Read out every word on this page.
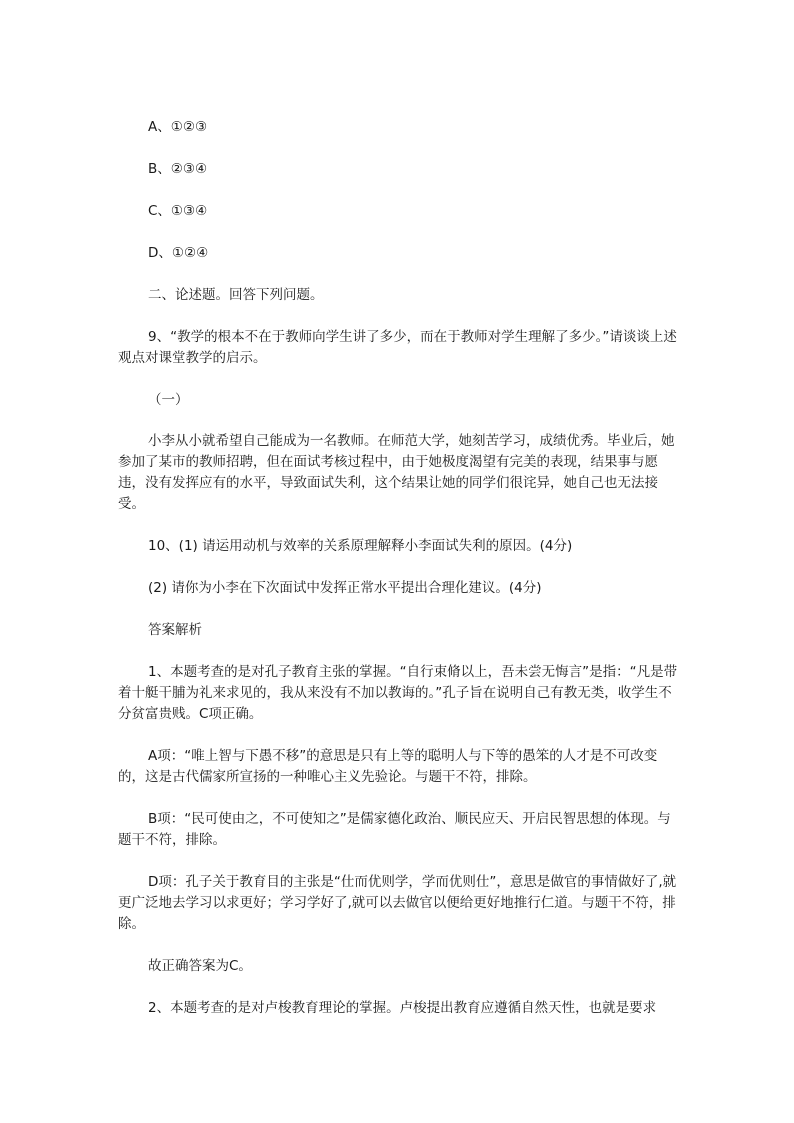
A、①②③

B、②③④

C、①③④

D、①②④

二、论述题。回答下列问题。

9、“教学的根本不在于教师向学生讲了多少，而在于教师对学生理解了多少。”请谈谈上述观点对课堂教学的启示。

（一）

小李从小就希望自己能成为一名教师。在师范大学，她刻苦学习，成绩优秀。毕业后，她参加了某市的教师招聘，但在面试考核过程中，由于她极度渴望有完美的表现，结果事与愿违，没有发挥应有的水平，导致面试失利，这个结果让她的同学们很诧异，她自己也无法接受。

10、(1) 请运用动机与效率的关系原理解释小李面试失利的原因。(4分)

(2) 请你为小李在下次面试中发挥正常水平提出合理化建议。(4分)

答案解析

1、本题考查的是对孔子教育主张的掌握。“自行束脩以上，吾未尝无悔言”是指：“凡是带着十艇干脯为礼来求见的，我从来没有不加以教诲的。”孔子旨在说明自己有教无类，收学生不分贫富贵贱。C项正确。

A项：“唯上智与下愚不移”的意思是只有上等的聪明人与下等的愚笨的人才是不可改变的，这是古代儒家所宣扬的一种唯心主义先验论。与题干不符，排除。

B项：“民可使由之，不可使知之”是儒家德化政治、顺民应天、开启民智思想的体现。与题干不符，排除。

D项：孔子关于教育目的主张是“仕而优则学，学而优则仕”，意思是做官的事情做好了,就更广泛地去学习以求更好；学习学好了,就可以去做官以便给更好地推行仁道。与题干不符，排除。

故正确答案为C。

2、本题考查的是对卢梭教育理论的掌握。卢梭提出教育应遵循自然天性，也就是要求
